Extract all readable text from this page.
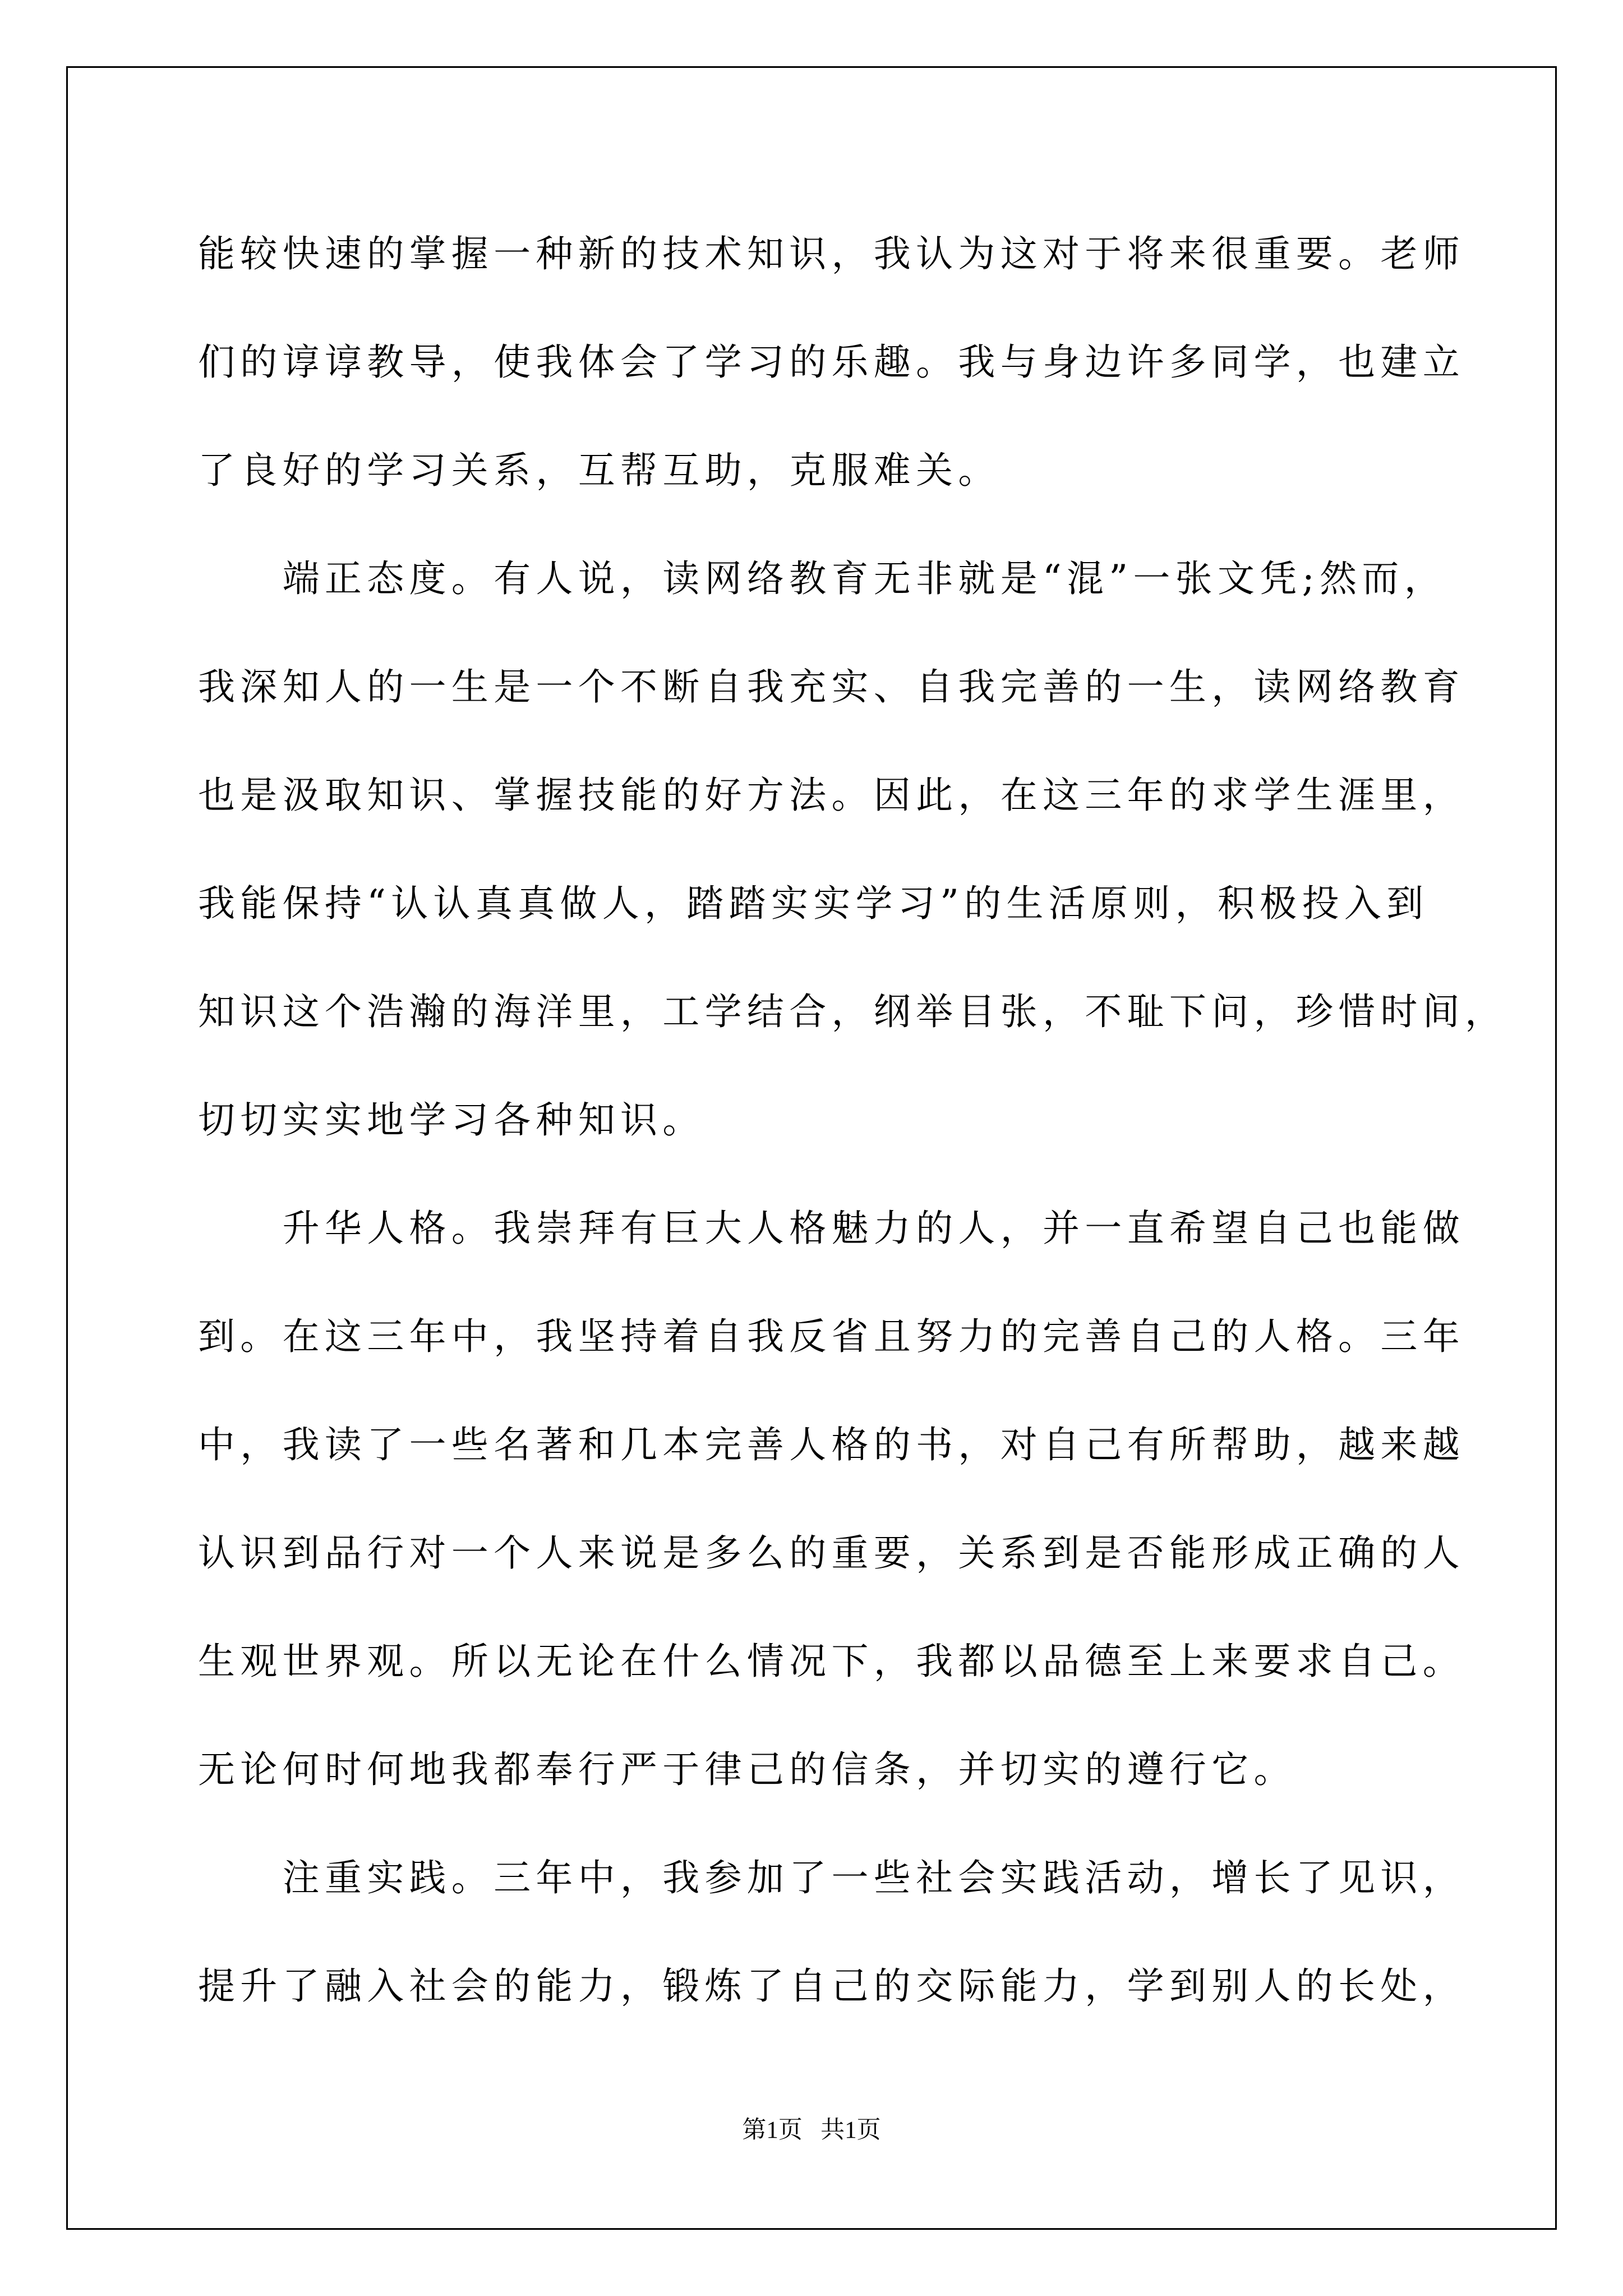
能较快速的掌握一种新的技术知识，我认为这对于将来很重要。老师
们的谆谆教导，使我体会了学习的乐趣。我与身边许多同学，也建立
了良好的学习关系，互帮互助，克服难关。
　　端正态度。有人说，读网络教育无非就是“混”一张文凭;然而，
我深知人的一生是一个不断自我充实、自我完善的一生，读网络教育
也是汲取知识、掌握技能的好方法。因此，在这三年的求学生涯里，
我能保持“认认真真做人，踏踏实实学习”的生活原则，积极投入到
知识这个浩瀚的海洋里，工学结合，纲举目张，不耻下问，珍惜时间，
切切实实地学习各种知识。
　　升华人格。我崇拜有巨大人格魅力的人，并一直希望自己也能做
到。在这三年中，我坚持着自我反省且努力的完善自己的人格。三年
中，我读了一些名著和几本完善人格的书，对自己有所帮助，越来越
认识到品行对一个人来说是多么的重要，关系到是否能形成正确的人
生观世界观。所以无论在什么情况下，我都以品德至上来要求自己。
无论何时何地我都奉行严于律己的信条，并切实的遵行它。
　　注重实践。三年中，我参加了一些社会实践活动，增长了见识，
提升了融入社会的能力，锻炼了自己的交际能力，学到别人的长处，
第1页   共1页
